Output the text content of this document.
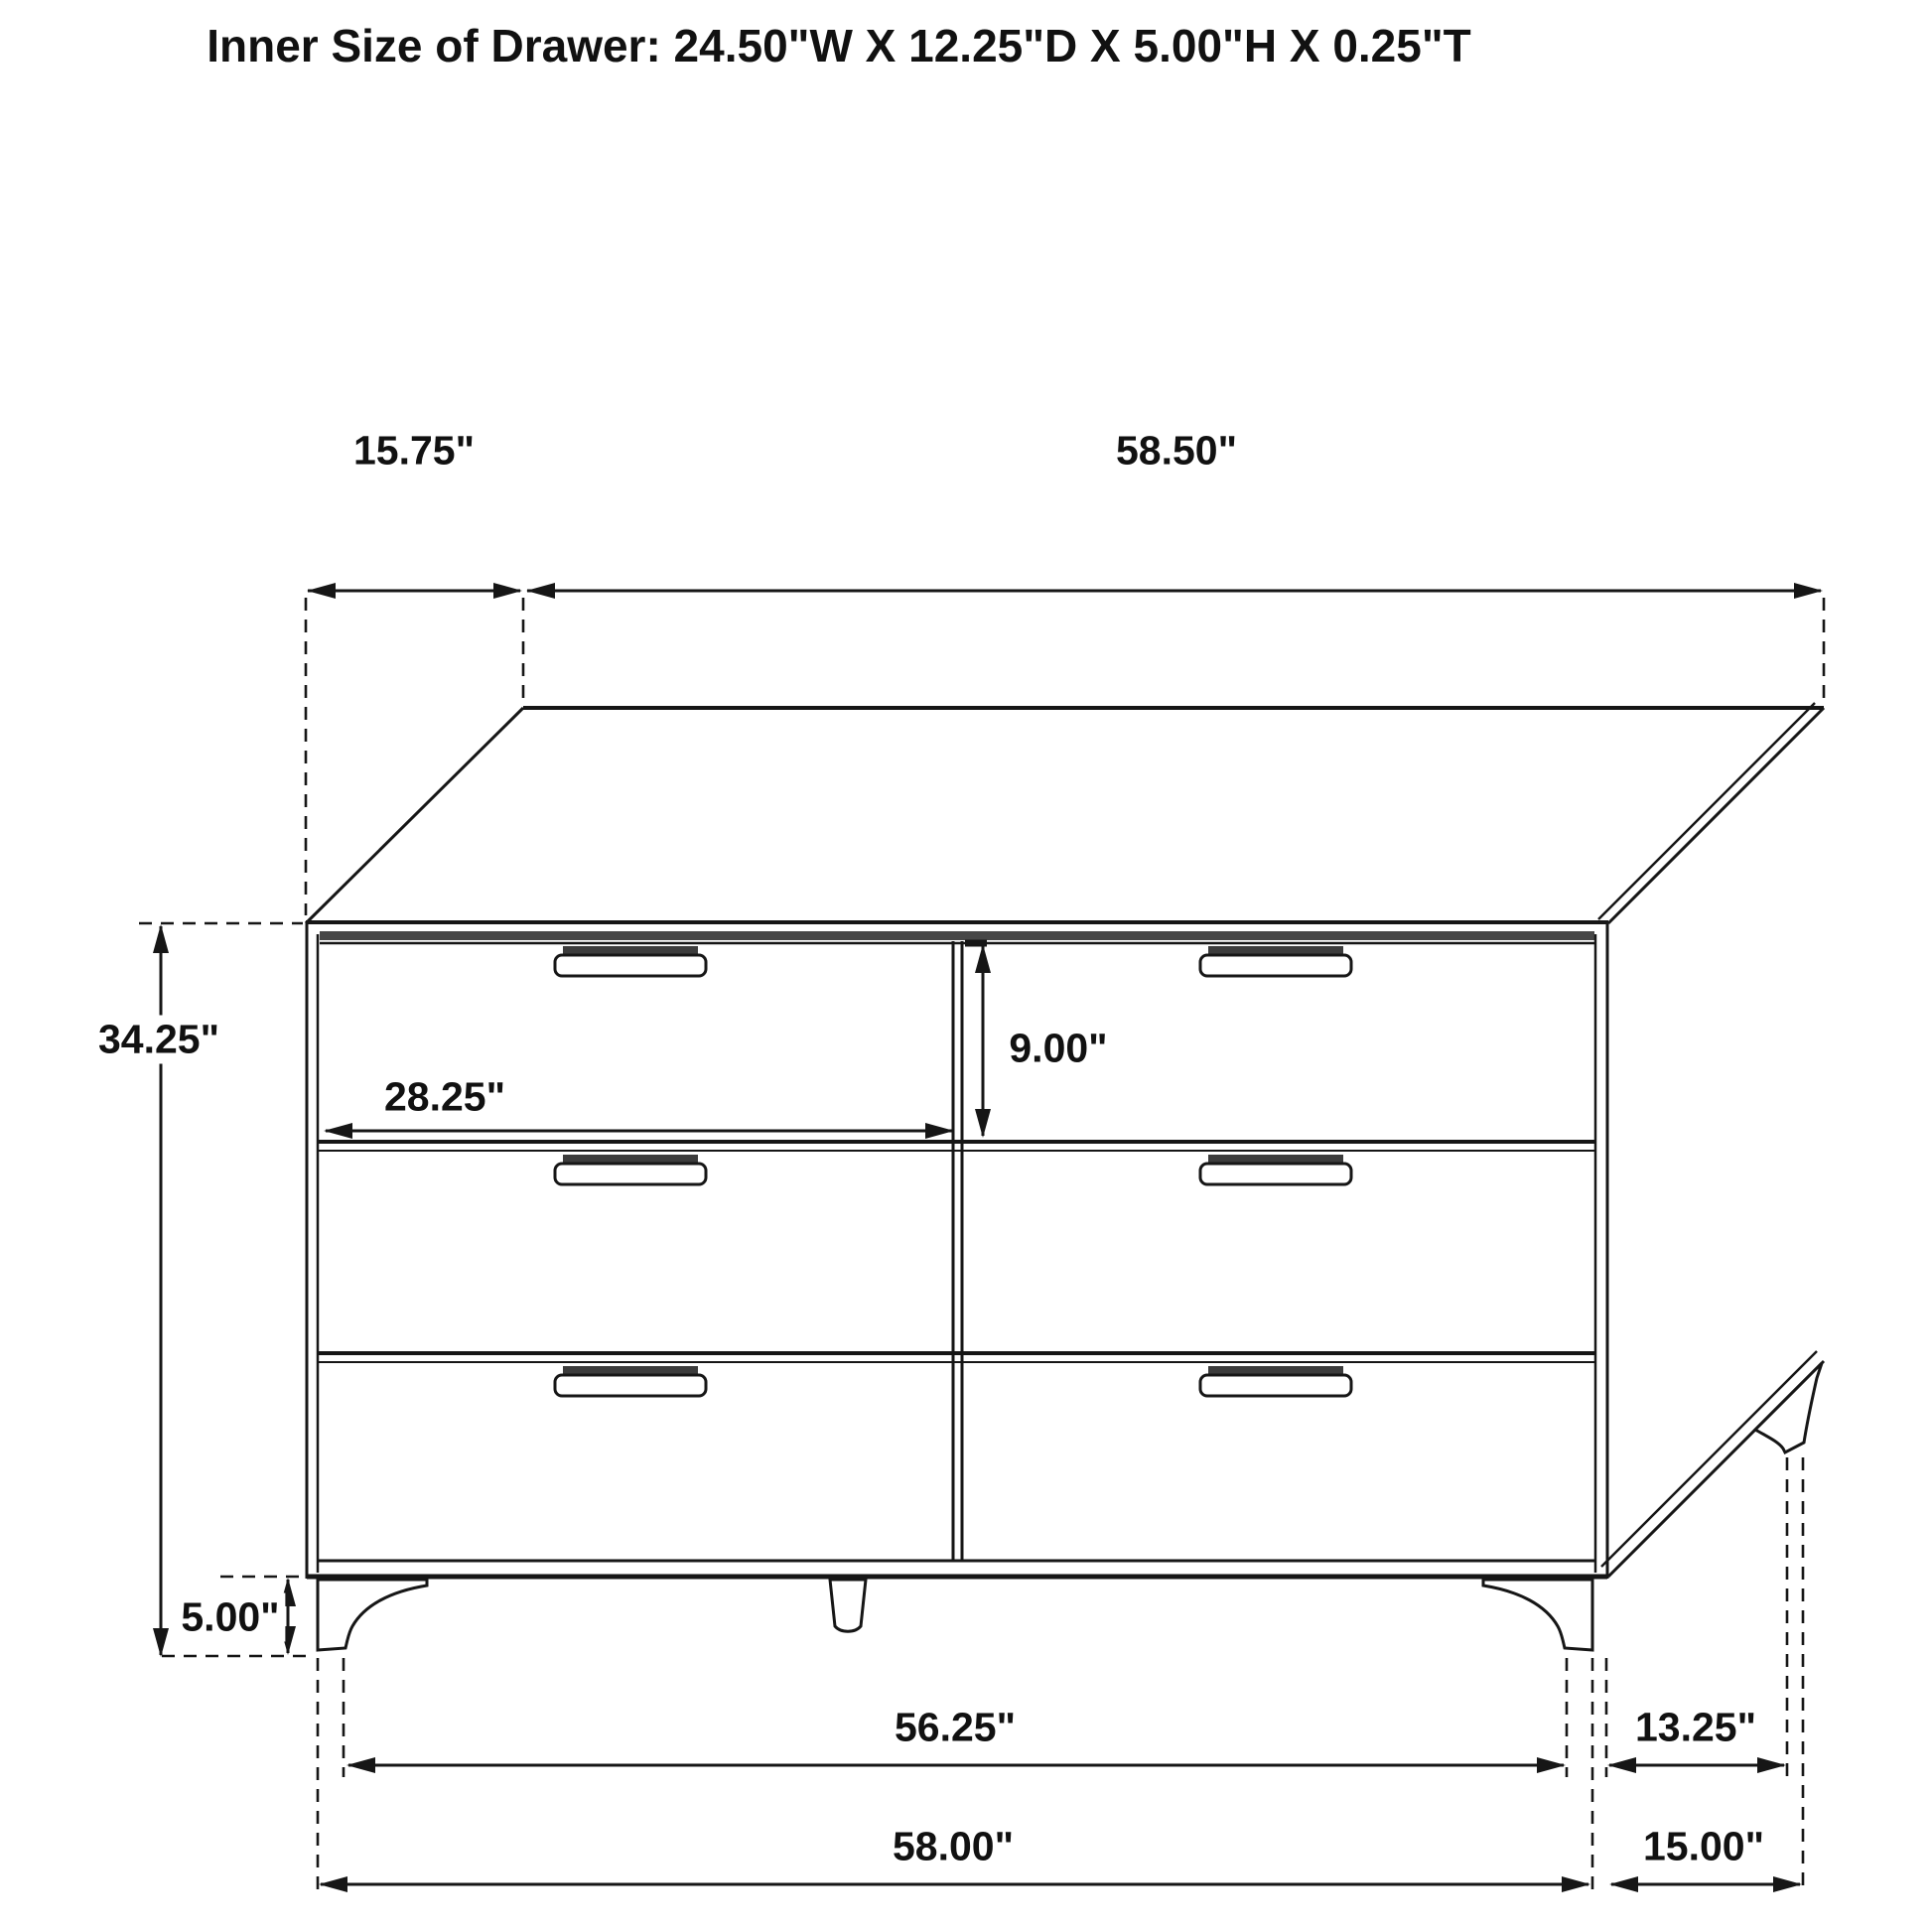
Inner Size of Drawer: 24.50"W X 12.25"D X 5.00"H X 0.25"T
15.75"	58.50"
34.25"
28.25"
9.00"
5.00"
56.25"	13.25"
58.00"	15.00"
